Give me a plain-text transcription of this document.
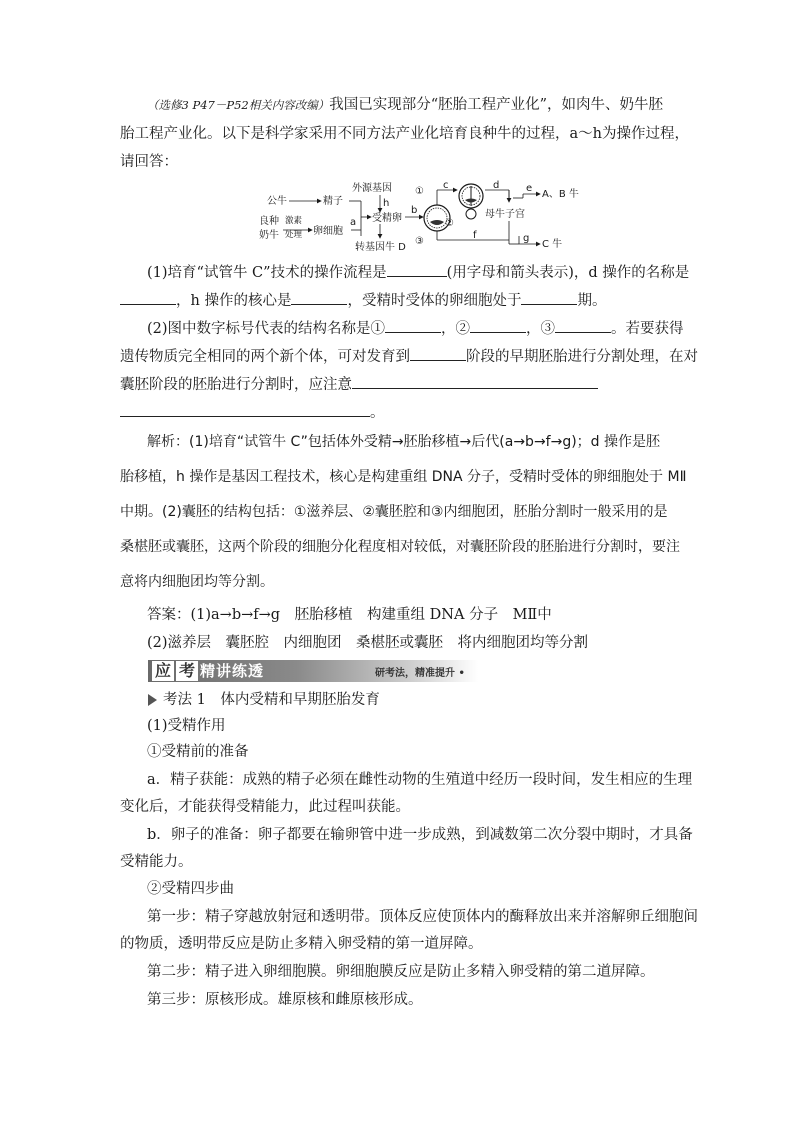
（选修3 P47－P52相关内容改编）我国已实现部分“胚胎工程产业化”，如肉牛、奶牛胚
胎工程产业化。以下是科学家采用不同方法产业化培育良种牛的过程，a～h为操作过程，
请回答：
公牛	精子
良种
奶牛
激素
处理 卵细胞
a
外源基因
h
受精卵
转基因牛 D
b
①
②
③
c	d
母牛子宫
e
A、B 牛
f	g
C 牛
(1)培育“试管牛 C”技术的操作流程是	(用字母和箭头表示)，d 操作的名称是
，h 操作的核心是	，受精时受体的卵细胞处于	期。
(2)图中数字标号代表的结构名称是①	，②	，③	。若要获得
遗传物质完全相同的两个新个体，可对发育到	阶段的早期胚胎进行分割处理，在对
囊胚阶段的胚胎进行分割时，应注意
。
解析：(1)培育“试管牛 C”包括体外受精→胚胎移植→后代(a→b→f→g)；d 操作是胚
胎移植，h 操作是基因工程技术，核心是构建重组 DNA 分子，受精时受体的卵细胞处于 MⅡ
中期。(2)囊胚的结构包括：①滋养层、②囊胚腔和③内细胞团，胚胎分割时一般采用的是
桑椹胚或囊胚，这两个阶段的细胞分化程度相对较低，对囊胚阶段的胚胎进行分割时，要注
意将内细胞团均等分割。
答案：(1)a→b→f→g　胚胎移植　构建重组 DNA 分子　MⅡ中
(2)滋养层　囊胚腔　内细胞团　桑椹胚或囊胚　将内细胞团均等分割
应 考 精讲练透	研考法，精准提升 •
考法 1　体内受精和早期胚胎发育
(1)受精作用
①受精前的准备
a．精子获能：成熟的精子必须在雌性动物的生殖道中经历一段时间，发生相应的生理
变化后，才能获得受精能力，此过程叫获能。
b．卵子的准备：卵子都要在输卵管中进一步成熟，到减数第二次分裂中期时，才具备
受精能力。
②受精四步曲
第一步：精子穿越放射冠和透明带。顶体反应使顶体内的酶释放出来并溶解卵丘细胞间
的物质，透明带反应是防止多精入卵受精的第一道屏障。
第二步：精子进入卵细胞膜。卵细胞膜反应是防止多精入卵受精的第二道屏障。
第三步：原核形成。雄原核和雌原核形成。
